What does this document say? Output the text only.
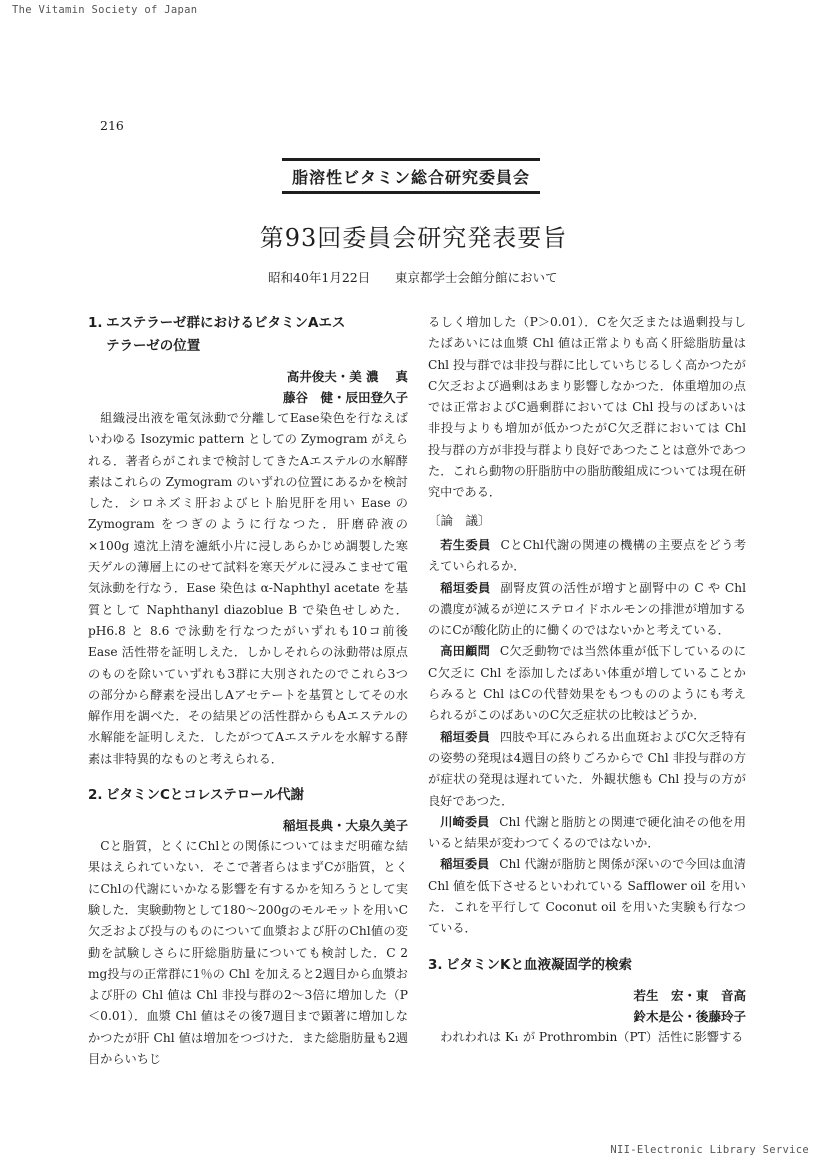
The Vitamin Society of Japan
216
脂溶性ビタミン総合研究委員会
第93回委員会研究発表要旨
昭和40年1月22日 東京都学士会館分館において
1. エステラーゼ群におけるビタミンAエス
テラーゼの位置

高井俊夫・美 濃　 真

藤谷　健・辰田登久子

組織浸出液を電気泳動で分離してEase染色を行なえばいわゆる Isozymic pattern としての Zymogram がえられる．著者らがこれまで検討してきたAエステルの水解酵素はこれらの Zymogram のいずれの位置にあるかを検討した．シロネズミ肝およびヒト胎児肝を用い Ease の Zymogram をつぎのように行なつた．肝磨砕液の ×100g 遠沈上清を濾紙小片に浸しあらかじめ調製した寒天ゲルの薄層上にのせて試料を寒天ゲルに浸みこませて電気泳動を行なう．Ease 染色は α-Naphthyl acetate を基質として Naphthanyl diazoblue B で染色せしめた．pH6.8 と 8.6 で泳動を行なつたがいずれも10コ前後 Ease 活性帯を証明しえた．しかしそれらの泳動帯は原点のものを除いていずれも3群に大別されたのでこれら3つの部分から酵素を浸出しAアセテートを基質としてその水解作用を調べた．その結果どの活性群からもAエステルの水解能を証明しえた．したがつてAエステルを水解する酵素は非特異的なものと考えられる．

2. ビタミンCとコレステロール代謝

稲垣長典・大泉久美子

Cと脂質，とくにChlとの関係についてはまだ明確な結果はえられていない．そこで著者らはまずCが脂質，とくにChlの代謝にいかなる影響を有するかを知ろうとして実験した．実験動物として180～200gのモルモットを用いC欠乏および投与のものについて血漿および肝のChl値の変動を試験しさらに肝総脂肪量についても検討した．C 2 mg投与の正常群に1％の Chl を加えると2週目から血漿および肝の Chl 値は Chl 非投与群の2～3倍に増加した（P＜0.01）．血漿 Chl 値はその後7週目まで顕著に増加しなかつたが肝 Chl 値は増加をつづけた．また総脂肪量も2週目からいちじ

るしく増加した（P＞0.01）．Cを欠乏または過剰投与したばあいには血漿 Chl 値は正常よりも高く肝総脂肪量は Chl 投与群では非投与群に比していちじるしく高かつたがC欠乏および過剰はあまり影響しなかつた．体重増加の点では正常およびC過剰群においては Chl 投与のばあいは非投与よりも増加が低かつたがC欠乏群においては Chl 投与群の方が非投与群より良好であつたことは意外であつた．これら動物の肝脂肪中の脂肪酸組成については現在研究中である．

〔論　議〕

若生委員 CとChl代謝の関連の機構の主要点をどう考えていられるか．

稲垣委員 副腎皮質の活性が増すと副腎中の C や Chl の濃度が減るが逆にステロイドホルモンの排泄が増加するのにCが酸化防止的に働くのではないかと考えている．

高田顧問 C欠乏動物では当然体重が低下しているのにC欠乏に Chl を添加したばあい体重が増していることからみると Chl はCの代替効果をもつもののようにも考えられるがこのばあいのC欠乏症状の比較はどうか．

稲垣委員 四肢や耳にみられる出血斑およびC欠乏特有の姿勢の発現は4週目の終りごろからで Chl 非投与群の方が症状の発現は遅れていた．外観状態も Chl 投与の方が良好であつた．

川崎委員 Chl 代謝と脂肪との関連で硬化油その他を用いると結果が変わつてくるのではないか．

稲垣委員 Chl 代謝が脂肪と関係が深いので今回は血清 Chl 値を低下させるといわれている Safflower oil を用いた．これを平行して Coconut oil を用いた実験も行なつている．

3. ビタミンKと血液凝固学的検索

若生　宏・東　音高

鈴木是公・後藤玲子

われわれは K₁ が Prothrombin（PT）活性に影響する

NII-Electronic Library Service
